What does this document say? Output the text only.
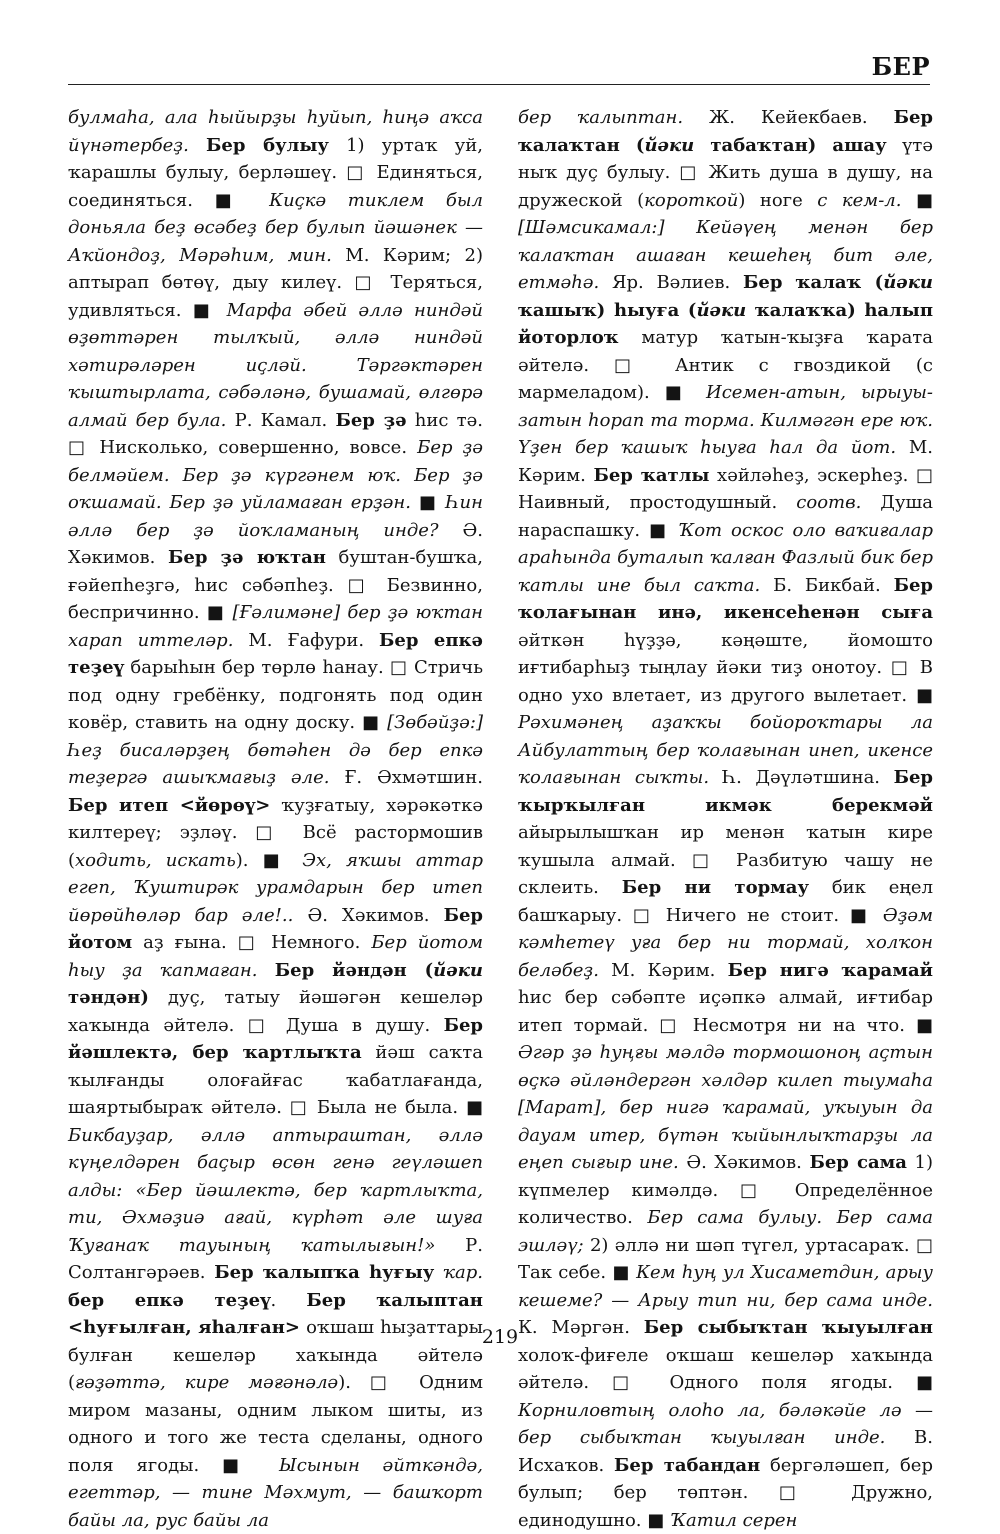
БЕР

булмаһа, ала һыйырҙы һуйып, һиңә аҡса йүнәтербеҙ. Бер булыу 1) уртаҡ уй, ҡарашлы булыу, берләшеү. □ Единяться, соединяться. ■ Киҫкә тиклем был доньяла беҙ өсәбеҙ бер булып йәшәнек — Аҡйондоҙ, Мәрәһим, мин. М. Кәрим; 2) аптырап бөтөү, дыу килеү. □ Теряться, удивляться. ■ Марфа әбей әллә ниндәй өҙөттәрен тылҡый, әллә ниндәй хәтирәләрен иҫләй. Тәргәктәрен ҡыштырлата, сәбәләнә, бушамай, өлгөрә алмай бер була. Р. Камал. Бер ҙә һис тә. □ Нисколько, совершенно, вовсе. Бер ҙә белмәйем. Бер ҙә күргәнем юҡ. Бер ҙә оҡшамай. Бер ҙә уйламаған ерҙән. ■ Һин әллә бер ҙә йоҡламаның инде? Ә. Хәкимов. Бер ҙә юҡтан буштан-бушҡа, ғәйепһеҙгә, һис сәбәпһеҙ. □ Безвинно, беспричинно. ■ [Ғәлимәне] бер ҙә юҡтан харап иттеләр. М. Ғафури. Бер епкә теҙеү барыһын бер төрлө һанау. □ Стричь под одну гребёнку, подгонять под один ковёр, ставить на одну доску. ■ [Зөбәйҙә:] Һеҙ бисаләрҙең бөтәһен дә бер епкә теҙергә ашыҡмағыҙ әле. Ғ. Әхмәтшин. Бер итеп <йөрөү> ҡуҙғатыу, хәрәкәткә килтереү; эҙләү. □ Всё растормошив (ходить, искать). ■ Эх, яҡшы аттар егеп, Ҡуштирәк урамдарын бер итеп йөрөйһөләр бар әле!.. Ә. Хәкимов. Бер йотом аҙ ғына. □ Немного. Бер йотом һыу ҙа ҡапмаған. Бер йәндән (йәки тәндән) дуҫ, татыу йәшәгән кешеләр хаҡында әйтелә. □ Душа в душу. Бер йәшлектә, бер ҡартлыҡта йәш саҡта ҡылғанды олоғайғас ҡабатлағанда, шаяртыбыраҡ әйтелә. □ Была не была. ■ Бикбауҙар, әллә аптыраштан, әллә күңелдәрен баҫыр өсөн генә геүләшеп алды: «Бер йәшлектә, бер ҡартлыҡта, ти, Әхмәҙиә ағай, күрһәт әле шуға Ҡуғанаҡ тауының ҡатылығын!» Р. Солтангәрәев. Бер ҡалыпҡа һуғыу ҡар. бер епкә теҙеү. Бер ҡалыптан <һуғылған, яһалған> оҡшаш һыҙаттары булған кешеләр хаҡында әйтелә (ғәҙәттә, кире мәғәнәлә). □ Одним миром мазаны, одним лыком шиты, из одного и того же теста сделаны, одного поля ягоды. ■ Ысынын әйткәндә, егеттәр, — тине Мәхмут, — башҡорт байы ла, рус байы ла

бер ҡалыптан. Ж. Кейекбаев. Бер ҡалаҡтан (йәки табаҡтан) ашау үтә ныҡ дуҫ булыу. □ Жить душа в душу, на дружеской (короткой) ноге с кем-л. ■ [Шәмсикамал:] Кейәүең менән бер ҡалаҡтан ашаған кешеһең бит әле, етмәһә. Яр. Вәлиев. Бер ҡалаҡ (йәки ҡашыҡ) һыуға (йәки ҡалаҡҡа) һалып йоторлоҡ матур ҡатын-ҡыҙға ҡарата әйтелә. □ Антик с гвоздикой (с мармеладом). ■ Исемен-атын, ырыуы-затын һорап та торма. Килмәгән ере юҡ. Үҙен бер ҡашыҡ һыуға һал да йот. М. Кәрим. Бер ҡатлы хәйләһеҙ, эскерһеҙ. □ Наивный, простодушный. соотв. Душа нараспашку. ■ Ҡот оскос оло ваҡиғалар араһында буталып ҡалған Фазлый бик бер ҡатлы ине был саҡта. Б. Бикбай. Бер ҡолағынан инә, икенсеһенән сыға әйткән һүҙҙә, кәңәште, йомошто иғтибарһыҙ тыңлау йәки тиҙ онотоу. □ В одно ухо влетает, из другого вылетает. ■ Рәхимәнең аҙаҡҡы бойороҡтары ла Айбулаттың бер ҡолағынан инеп, икенсе ҡолағынан сыҡты. Һ. Дәүләтшина. Бер ҡырҡылған икмәк берекмәй айырылышҡан ир менән ҡатын кире ҡушыла алмай. □ Разбитую чашу не склеить. Бер ни тормау бик еңел башҡарыу. □ Ничего не стоит. ■ Әҙәм кәмһетеү уға бер ни тормай, холҡон беләбеҙ. М. Кәрим. Бер нигә ҡарамай һис бер сәбәпте иҫәпкә алмай, иғтибар итеп тормай. □ Несмотря ни на что. ■ Әгәр ҙә һуңғы мәлдә тормошоноң аҫтын өҫкә әйләндергән хәлдәр килеп тыумаһа [Марат], бер нигә ҡарамай, уҡыуын да дауам итер, бүтән ҡыйынлыҡтарҙы ла еңеп сығыр ине. Ә. Хәкимов. Бер сама 1) күпмелер кимәлдә. □ Определённое количество. Бер сама булыу. Бер сама эшләү; 2) әллә ни шәп түгел, уртасараҡ. □ Так себе. ■ Кем һуң ул Хисаметдин, арыу кешеме? — Арыу тип ни, бер сама инде. К. Мәргән. Бер сыбыҡтан ҡыуылған холоҡ-фиғеле оҡшаш кешеләр хаҡында әйтелә. □ Одного поля ягоды. ■ Корниловтың олоһо ла, бәләкәйе лә — бер сыбыҡтан ҡыуылған инде. В. Исхаҡов. Бер табандан бергәләшеп, бер булып; бер төптән. □ Дружно, единодушно. ■ Ҡатил серен

219
